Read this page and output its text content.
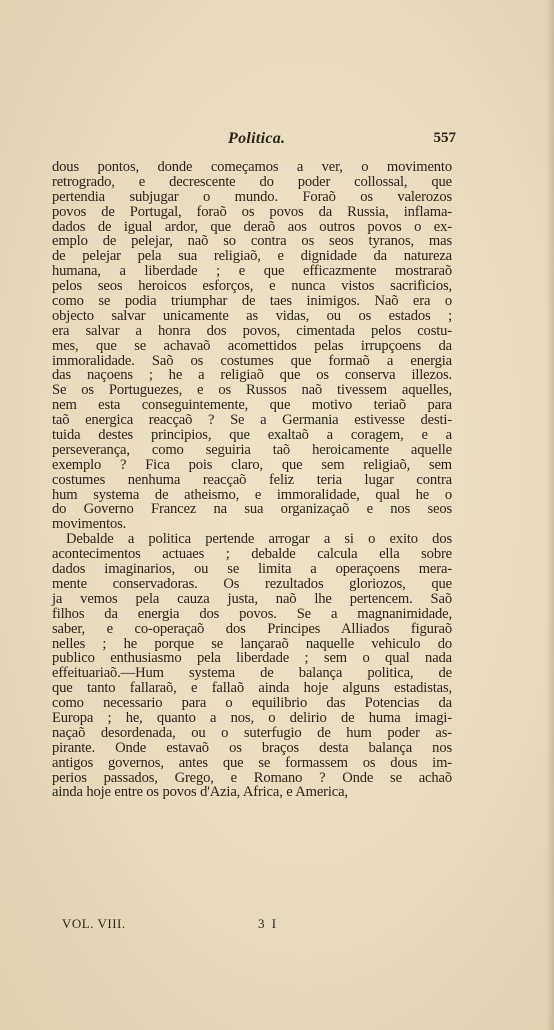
Politica.	557
dous pontos, donde começamos a ver, o movimento
retrogrado, e decrescente do poder collossal, que
pertendia subjugar o mundo. Foraõ os valerozos
povos de Portugal, foraõ os povos da Russia, inflama-
dados de igual ardor, que deraõ aos outros povos o ex-
emplo de pelejar, naõ so contra os seos tyranos, mas
de pelejar pela sua religiaõ, e dignidade da natureza
humana, a liberdade ; e que efficazmente mostraraõ
pelos seos heroicos esforços, e nunca vistos sacrificios,
como se podia triumphar de taes inimigos. Naõ era o
objecto salvar unicamente as vidas, ou os estados ;
era salvar a honra dos povos, cimentada pelos costu-
mes, que se achavaõ acomettidos pelas irrupçoens da
immoralidade. Saõ os costumes que formaõ a energia
das naçoens ; he a religiaõ que os conserva illezos.
Se os Portuguezes, e os Russos naõ tivessem aquelles,
nem esta conseguintemente, que motivo teriaõ para
taõ energica reacçaõ ? Se a Germania estivesse desti-
tuida destes principios, que exaltaõ a coragem, e a
perseverança, como seguiria taõ heroicamente aquelle
exemplo ? Fica pois claro, que sem religiaõ, sem
costumes nenhuma reacçaõ feliz teria lugar contra
hum systema de atheismo, e immoralidade, qual he o
do Governo Francez na sua organizaçaõ e nos seos
movimentos.
Debalde a politica pertende arrogar a si o exito dos
acontecimentos actuaes ; debalde calcula ella sobre
dados imaginarios, ou se limita a operaçoens mera-
mente conservadoras. Os rezultados gloriozos, que
ja vemos pela cauza justa, naõ lhe pertencem. Saõ
filhos da energia dos povos. Se a magnanimidade,
saber, e co-operaçaõ dos Principes Alliados figuraõ
nelles ; he porque se lançaraõ naquelle vehiculo do
publico enthusiasmo pela liberdade ; sem o qual nada
effeituariaõ.—Hum systema de balança politica, de
que tanto fallaraõ, e fallaõ ainda hoje alguns estadistas,
como necessario para o equilibrio das Potencias da
Europa ; he, quanto a nos, o delirio de huma imagi-
naçaõ desordenada, ou o suterfugio de hum poder as-
pirante. Onde estavaõ os braços desta balança nos
antigos governos, antes que se formassem os dous im-
perios passados, Grego, e Romano ? Onde se achaõ
ainda hoje entre os povos d'Azia, Africa, e America,
VOL. VIII.	3 I
